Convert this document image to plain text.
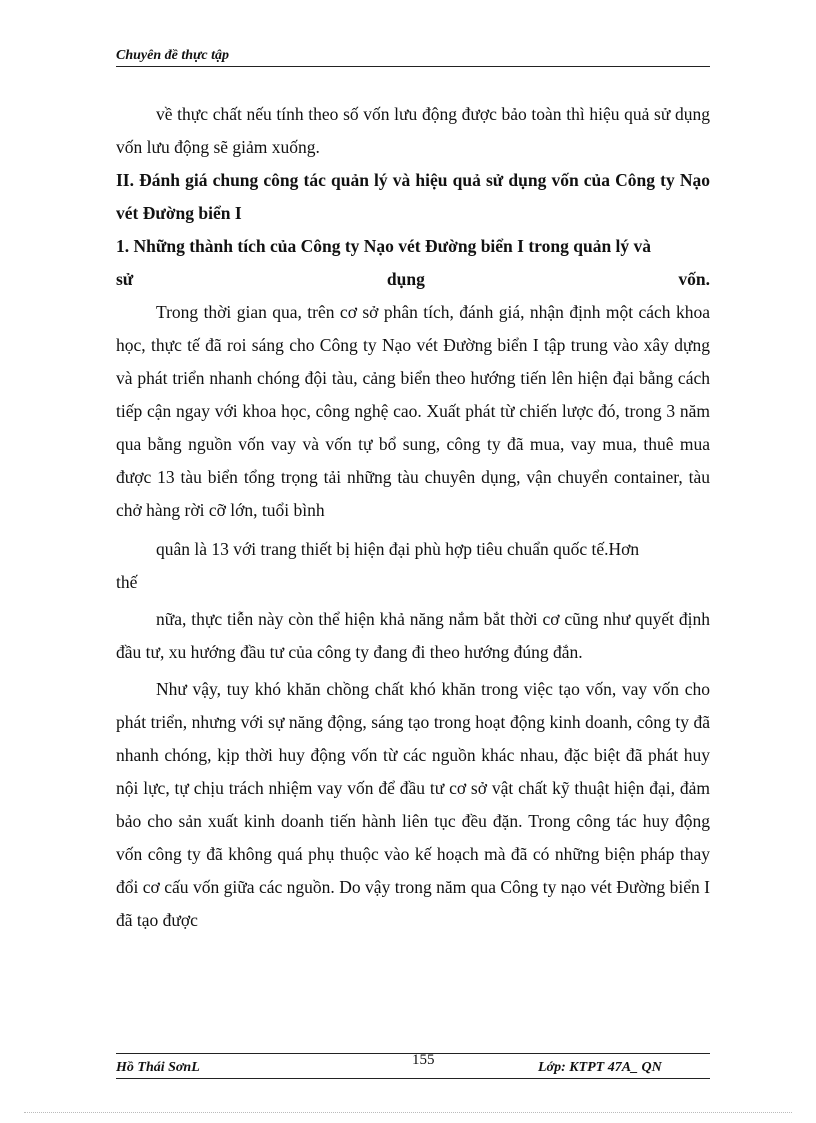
Chuyên đề thực tập

về thực chất nếu tính theo số vốn lưu động được bảo toàn thì hiệu quả sử dụng vốn lưu động sẽ giảm xuống.

II. Đánh giá chung công tác quản lý và hiệu quả sử dụng vốn của Công ty Nạo vét Đường biển I

1. Những thành tích của Công ty Nạo vét Đường biển I trong quản lý và

sử	dụng	vốn.

Trong thời gian qua, trên cơ sở phân tích, đánh giá, nhận định một cách khoa học, thực tế đã roi sáng cho Công ty Nạo vét Đường biển I tập trung vào xây dựng và phát triển nhanh chóng đội tàu, cảng biển theo hướng tiến lên hiện đại bằng cách tiếp cận ngay với khoa học, công nghệ cao. Xuất phát từ chiến lược đó, trong 3 năm qua bằng nguồn vốn vay và vốn tự bổ sung, công ty đã mua, vay mua, thuê mua được 13 tàu biển tổng trọng tải những tàu chuyên dụng, vận chuyển container, tàu chở hàng rời cỡ lớn, tuổi bình

quân là 13 với trang thiết bị hiện đại phù hợp tiêu chuẩn quốc tế.Hơn

thế

nữa, thực tiễn này còn thể hiện khả năng nắm bắt thời cơ cũng như quyết định đầu tư, xu hướng đầu tư của công ty đang đi theo hướng đúng đắn.

Như vậy, tuy khó khăn chồng chất khó khăn trong việc tạo vốn, vay vốn cho phát triển, nhưng với sự năng động, sáng tạo trong hoạt động kinh doanh, công ty đã nhanh chóng, kịp thời huy động vốn từ các nguồn khác nhau, đặc biệt đã phát huy nội lực, tự chịu trách nhiệm vay vốn để đầu tư cơ sở vật chất kỹ thuật hiện đại, đảm bảo cho sản xuất kinh doanh tiến hành liên tục đều đặn. Trong công tác huy động vốn công ty đã không quá phụ thuộc vào kế hoạch mà đã có những biện pháp thay đổi cơ cấu vốn giữa các nguồn. Do vậy trong năm qua Công ty nạo vét Đường biển I đã tạo được

Hồ Thái SơnL	155	Lớp: KTPT 47A_ QN
